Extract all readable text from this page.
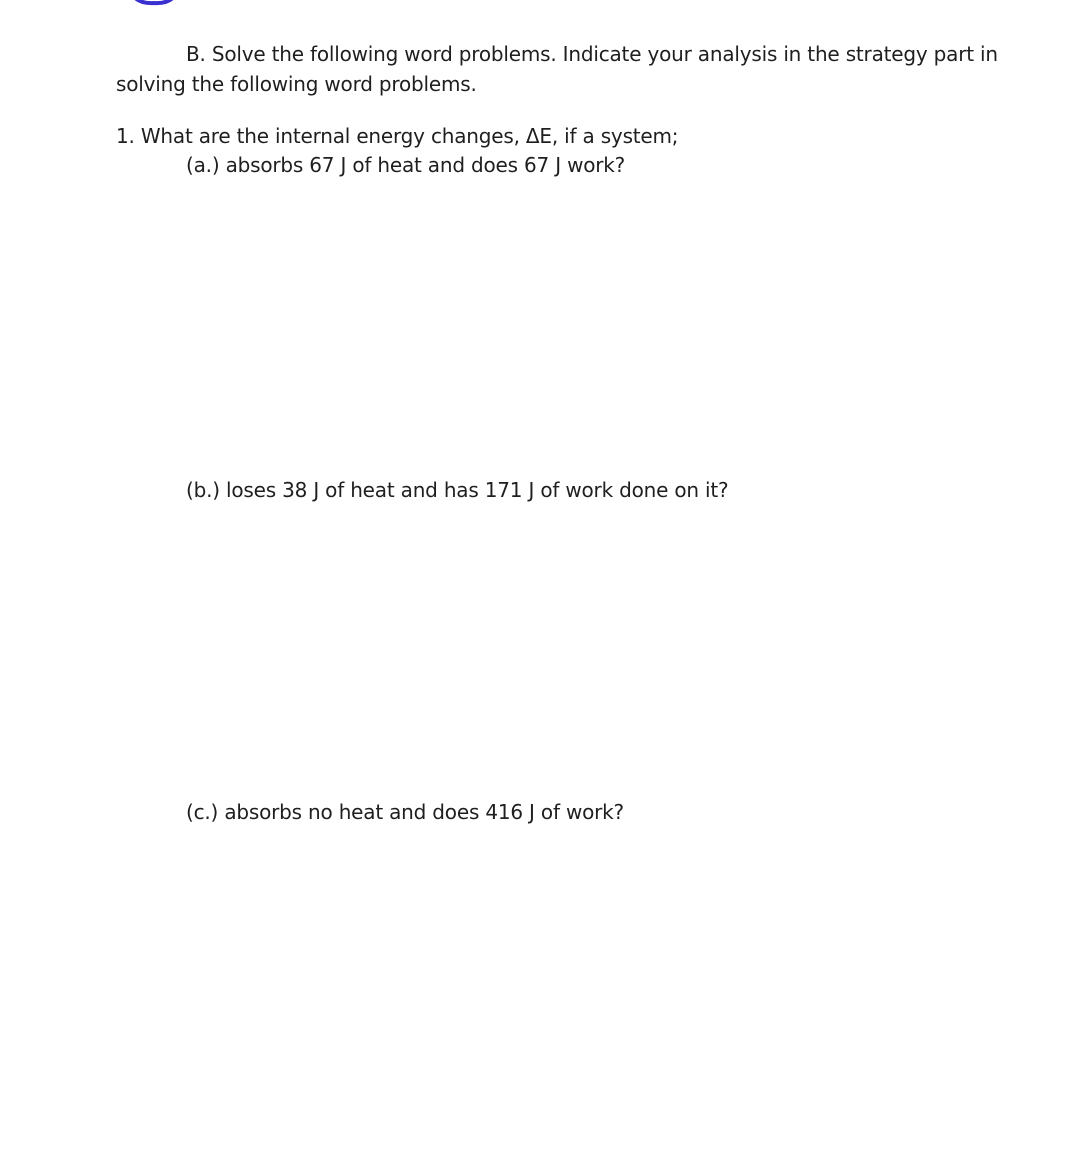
B. Solve the following word problems. Indicate your analysis in the strategy part in
solving the following word problems.
1. What are the internal energy changes, ΔE, if a system;
(a.) absorbs 67 J of heat and does 67 J work?
(b.) loses 38 J of heat and has 171 J of work done on it?
(c.) absorbs no heat and does 416 J of work?
